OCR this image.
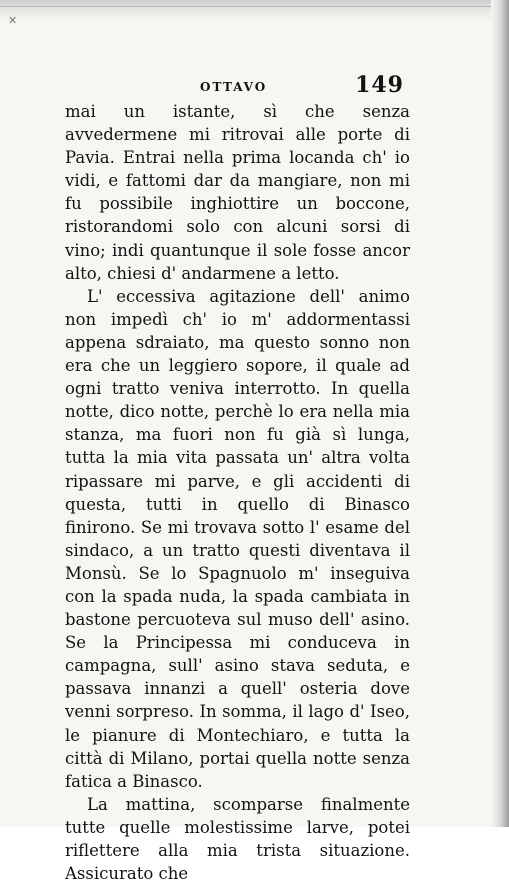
✕
OTTAVO	149

mai un istante, sì che senza avvedermene mi ritrovai alle porte di Pavia. Entrai nella prima locanda ch' io vidi, e fattomi dar da mangiare, non mi fu possibile inghiottire un boccone, ristorandomi solo con alcuni sorsi di vino; indi quantunque il sole fosse ancor alto, chiesi d' andarmene a letto.

L' eccessiva agitazione dell' animo non impedì ch' io m' addormentassi appena sdraiato, ma questo sonno non era che un leggiero sopore, il quale ad ogni tratto veniva interrotto. In quella notte, dico notte, perchè lo era nella mia stanza, ma fuori non fu già sì lunga, tutta la mia vita passata un' altra volta ripassare mi parve, e gli accidenti di questa, tutti in quello di Binasco finirono. Se mi trovava sotto l' esame del sindaco, a un tratto questi diventava il Monsù. Se lo Spagnuolo m' inseguiva con la spada nuda, la spada cambiata in bastone percuoteva sul muso dell' asino. Se la Principessa mi conduceva in campagna, sull' asino stava seduta, e passava innanzi a quell' osteria dove venni sorpreso. In somma, il lago d' Iseo, le pianure di Montechiaro, e tutta la città di Milano, portai quella notte senza fatica a Binasco.

La mattina, scomparse finalmente tutte quelle molestissime larve, potei riflettere alla mia trista situazione. Assicurato che
